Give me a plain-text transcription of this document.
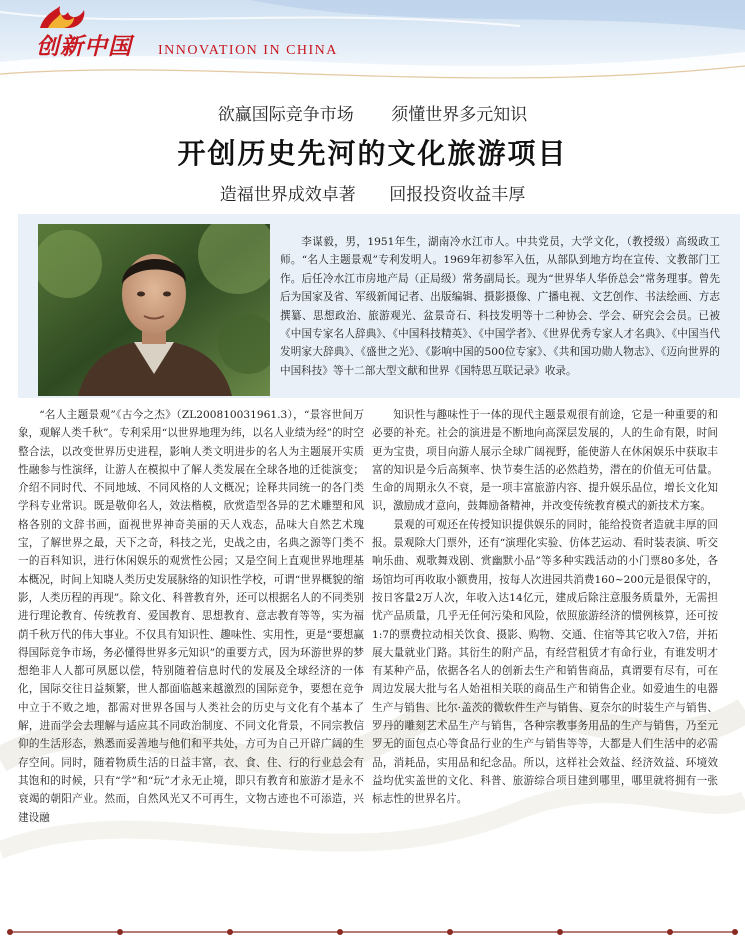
创新中国 INNOVATION IN CHINA
欲赢国际竞争市场 须懂世界多元知识
开创历史先河的文化旅游项目
造福世界成效卓著 回报投资收益丰厚

李谋毅，男，1951年生，湖南冷水江市人。中共党员，大学文化，（教授级）高级政工师。“名人主题景观”专利发明人。1969年初参军入伍，从部队到地方均在宣传、文教部门工作。后任冷水江市房地产局（正局级）常务副局长。现为“世界华人华侨总会”常务理事。曾先后为国家及省、军级新闻记者、出版编辑、摄影摄像、广播电视、文艺创作、书法绘画、方志撰纂、思想政治、旅游观光、盆景奇石、科技发明等十二种协会、学会、研究会会员。已被《中国专家名人辞典》、《中国科技精英》、《中国学者》、《世界优秀专家人才名典》、《中国当代发明家大辞典》、《盛世之光》、《影响中国的500位专家》、《共和国功勋人物志》、《迈向世界的中国科技》等十二部大型文献和世界《国特思互联记录》收录。

“名人主题景观”《古今之杰》（ZL200810031961.3），“景容世间万象，观解人类千秋”。专利采用“以世界地理为纬，以名人业绩为经”的时空整合法，以改变世界历史进程，影响人类文明进步的名人为主题展开实质性融参与性演绎，让游人在模拟中了解人类发展在全球各地的迁徙演变；介绍不同时代、不同地域、不同风格的人文概况；诠释共同统一的各门类学科专业常识。既是敬仰名人，效法楷模，欣赏造型各异的艺术雕塑和风格各别的文辞书画，面视世界神奇美丽的天人戏态，品味大自然艺术瑰宝，了解世界之最，天下之奇，科技之光，史战之由，名典之源等门类不一的百科知识，进行休闲娱乐的观赏性公园；又是空间上直观世界地理基本概况，时间上知晓人类历史发展脉络的知识性学校，可谓“世界概貌的缩影，人类历程的再现”。除文化、科普教育外，还可以根据名人的不同类别进行理论教育、传统教育、爱国教育、思想教育、意志教育等等，实为福荫千秋万代的伟大事业。不仅具有知识性、趣味性、实用性，更是“要想赢得国际竞争市场，务必懂得世界多元知识”的重要方式，因为环游世界的梦想绝非人人都可夙愿以偿，特别随着信息时代的发展及全球经济的一体化，国际交往日益频繁，世人都面临越来越激烈的国际竞争，要想在竞争中立于不败之地，都需对世界各国与人类社会的历史与文化有个基本了解，进而学会去理解与适应其不同政治制度、不同文化背景，不同宗教信仰的生活形态，熟悉而妥善地与他们和平共处，方可为自己开辟广阔的生存空间。同时，随着物质生活的日益丰富，衣、食、住、行的行业总会有其饱和的时候，只有“学”和“玩”才永无止境，即只有教育和旅游才是永不衰竭的朝阳产业。然而，自然风光又不可再生，文物古迹也不可添造，兴建设融

知识性与趣味性于一体的现代主题景观很有前途，它是一种重要的和必要的补充。社会的演进是不断地向高深层发展的，人的生命有限，时间更为宝贵，项目向游人展示全球广阔视野，能使游人在休闲娱乐中获取丰富的知识是今后高频率、快节奏生活的必然趋势，潜在的价值无可估量。生命的周期永久不衰，是一项丰富旅游内容、提升娱乐品位，增长文化知识，激励成才意向，鼓舞励备精神，并改变传统教育模式的新技术方案。

景观的可观还在传授知识提供娱乐的同时，能给投资者造就丰厚的回报。景观除大门票外，还有“演理化实验、仿体艺运动、看时装表演、听交响乐曲、观歌舞戏剧、赏幽默小品”等多种实践活动的小门票80多处，各场馆均可再收取小额费用，按每人次进园共消费160~200元是很保守的，按日客量2万人次，年收入达14亿元，建成后除注意服务质量外，无需担忧产品质量，几乎无任何污染和风险，依照旅游经济的惯例核算，还可按1:7的票费拉动相关饮食、摄影、购物、交通、住宿等其它收入7倍，并拓展大量就业门路。其衍生的附产品，有经营租赁才有命行业，有谁发明才有某种产品，依据各名人的创新去生产和销售商品，真谓要有尽有，可在周边发展大批与名人始祖相关联的商品生产和销售企业。如爱迪生的电器生产与销售、比尔·盖茨的微软件生产与销售、夏奈尔的时装生产与销售、罗丹的雕刻艺术品生产与销售，各种宗教事务用品的生产与销售，乃至元罗无的面包点心等食品行业的生产与销售等等，大都是人们生活中的必需品，消耗品，实用品和纪念品。所以，这样社会效益、经济效益、环境效益均优实盖世的文化、科普、旅游综合项目建到哪里，哪里就将拥有一张标志性的世界名片。
